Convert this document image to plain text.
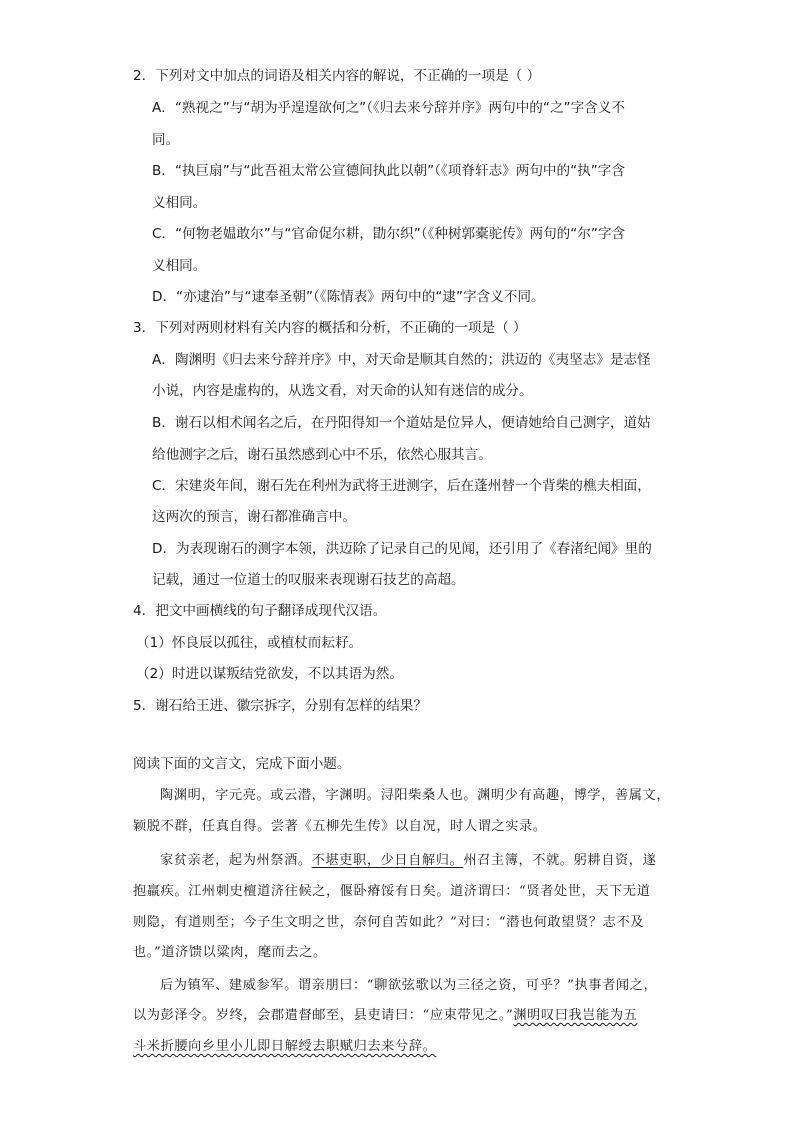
2．下列对文中加点的词语及相关内容的解说，不正确的一项是（ ）
A．“熟视之”与“胡为乎遑遑欲何之”（《归去来兮辞并序》两句中的“之”字含义不
同。
B．“执巨扇”与“此吾祖太常公宣德间执此以朝”（《项脊轩志》两句中的“执”字含
义相同。
C．“何物老媪敢尔”与“官命促尔耕，勖尔织”（《种树郭橐驼传》两句的“尔”字含
义相同。
D．“亦逮治”与“逮奉圣朝”（《陈情表》两句中的“逮”字含义不同。
3．下列对两则材料有关内容的概括和分析，不正确的一项是（ ）
A．陶渊明《归去来兮辞并序》中，对天命是顺其自然的；洪迈的《夷坚志》是志怪
小说，内容是虚构的，从选文看，对天命的认知有迷信的成分。
B．谢石以相术闻名之后，在丹阳得知一个道姑是位异人，便请她给自己测字，道姑
给他测字之后，谢石虽然感到心中不乐，依然心服其言。
C．宋建炎年间，谢石先在利州为武将王进测字，后在蓬州替一个背柴的樵夫相面，
这两次的预言，谢石都准确言中。
D．为表现谢石的测字本领，洪迈除了记录自己的见闻，还引用了《春渚纪闻》里的
记载，通过一位道士的叹服来表现谢石技艺的高超。
4．把文中画横线的句子翻译成现代汉语。
（1）怀良辰以孤往，或植杖而耘耔。
（2）时进以谋叛结党欲发，不以其语为然。
5．谢石给王进、徽宗拆字，分别有怎样的结果？
阅读下面的文言文，完成下面小题。
陶渊明，字元亮。或云潜，字渊明。浔阳柴桑人也。渊明少有高趣，博学，善属文，
颖脱不群，任真自得。尝著《五柳先生传》以自况，时人谓之实录。
家贫亲老，起为州祭酒。不堪吏职，少日自解归。州召主簿，不就。躬耕自资，遂
抱羸疾。江州刺史檀道济往候之，偃卧瘠馁有日矣。道济谓曰：“贤者处世，天下无道
则隐，有道则至；今子生文明之世，奈何自苦如此？”对曰：“潜也何敢望贤？志不及
也。”道济馈以粱肉，麾而去之。
后为镇军、建威参军。谓亲朋曰：“聊欲弦歌以为三径之资，可乎？”执事者闻之，
以为彭泽令。岁终，会郡遣督邮至，县吏请曰：“应束带见之。”渊明叹曰我岂能为五
斗米折腰向乡里小儿即日解绶去职赋归去来兮辞。
